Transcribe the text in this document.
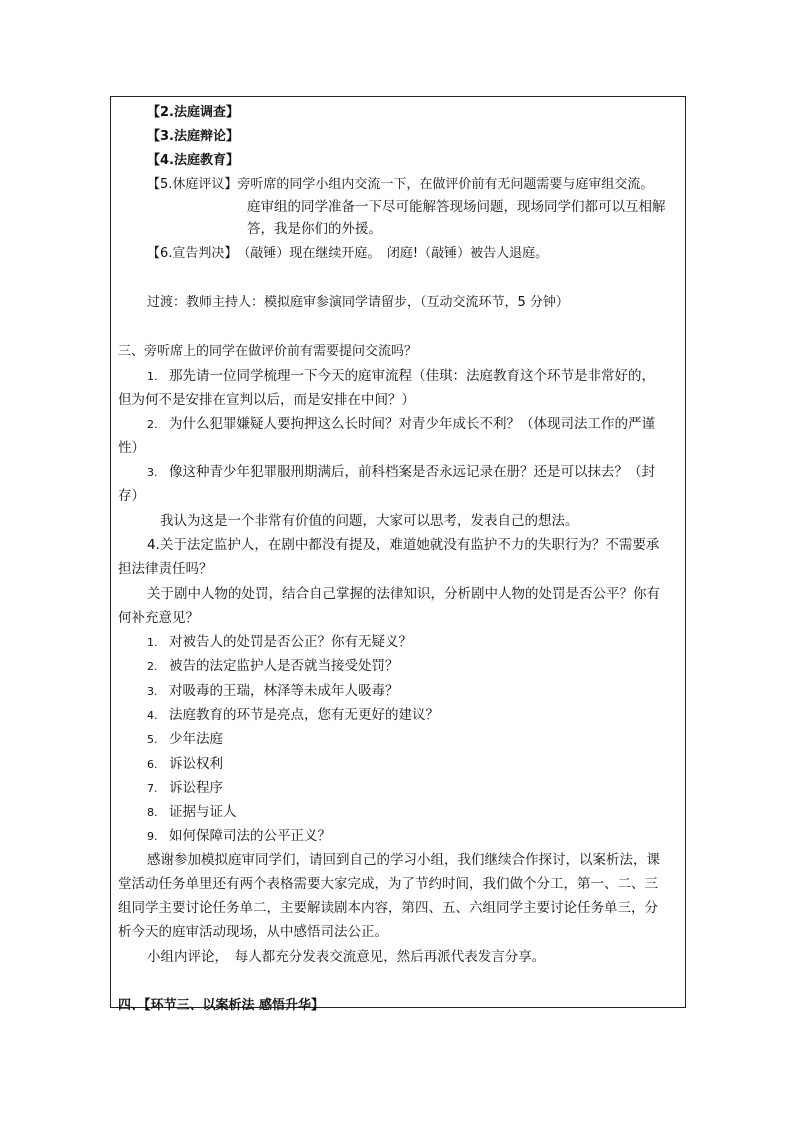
【2.法庭调查】
【3.法庭辩论】
【4.法庭教育】
【5.休庭评议】旁听席的同学小组内交流一下，在做评价前有无问题需要与庭审组交流。
庭审组的同学准备一下尽可能解答现场问题，现场同学们都可以互相解
答，我是你们的外援。
【6.宣告判决】　（敲锤）现在继续开庭。　闭庭!（敲锤）被告人退庭。
过渡：教师主持人：模拟庭审参演同学请留步，（互动交流环节，5 分钟）
三、旁听席上的同学在做评价前有需要提问交流吗？
1. 那先请一位同学梳理一下今天的庭审流程（佳琪：法庭教育这个环节是非常好的，
但为何不是安排在宣判以后，而是安排在中间？）
2. 为什么犯罪嫌疑人要拘押这么长时间？对青少年成长不利？（体现司法工作的严谨
性）
3. 像这种青少年犯罪服刑期满后，前科档案是否永远记录在册？还是可以抹去？（封
存）
我认为这是一个非常有价值的问题，大家可以思考，发表自己的想法。
4.关于法定监护人，在剧中都没有提及，难道她就没有监护不力的失职行为？不需要承
担法律责任吗？
关于剧中人物的处罚，结合自己掌握的法律知识，分析剧中人物的处罚是否公平？你有
何补充意见？
1. 对被告人的处罚是否公正？你有无疑义？
2. 被告的法定监护人是否就当接受处罚？
3. 对吸毒的王瑞，林泽等未成年人吸毒？
4. 法庭教育的环节是亮点，您有无更好的建议？
5. 少年法庭
6. 诉讼权利
7. 诉讼程序
8. 证据与证人
9. 如何保障司法的公平正义？
感谢参加模拟庭审同学们，请回到自己的学习小组，我们继续合作探讨，以案析法，课
堂活动任务单里还有两个表格需要大家完成，为了节约时间，我们做个分工，第一、二、三
组同学主要讨论任务单二，主要解读剧本内容，第四、五、六组同学主要讨论任务单三，分
析今天的庭审活动现场，从中感悟司法公正。
小组内评论，　每人都充分发表交流意见，然后再派代表发言分享。
四、【环节三、以案析法 感悟升华】
